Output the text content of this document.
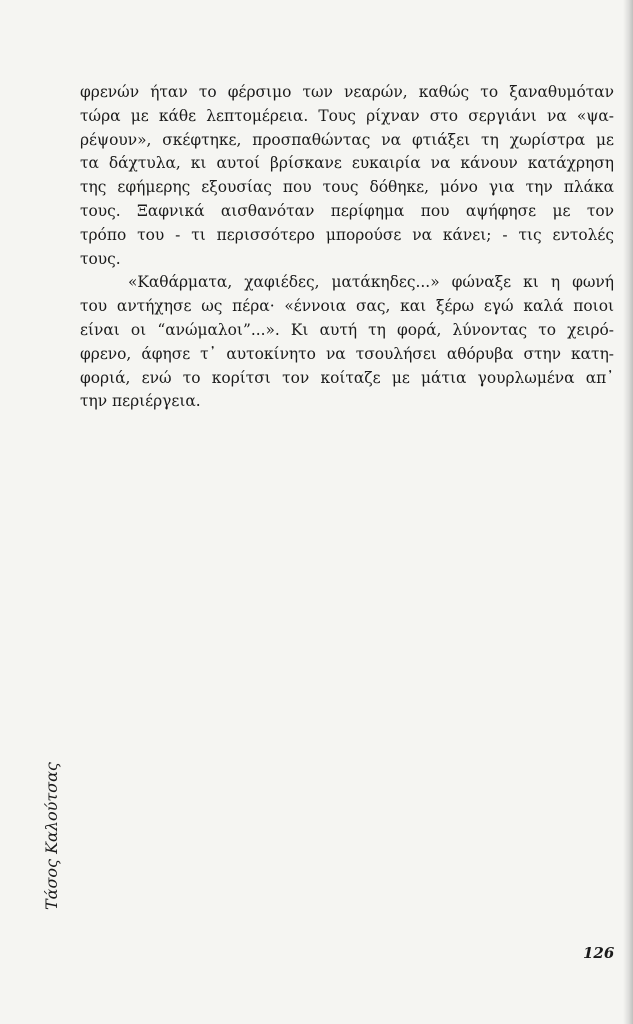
φρενών ήταν το φέρσιμο των νεαρών, καθώς το ξαναθυμόταν
τώρα με κάθε λεπτομέρεια. Τους ρίχναν στο σεργιάνι να «ψα-
ρέψουν», σκέφτηκε, προσπαθώντας να φτιάξει τη χωρίστρα με
τα δάχτυλα, κι αυτοί βρίσκανε ευκαιρία να κάνουν κατάχρηση
της εφήμερης εξουσίας που τους δόθηκε, μόνο για την πλάκα
τους. Ξαφνικά αισθανόταν περίφημα που αψήφησε με τον
τρόπο του - τι περισσότερο μπορούσε να κάνει; - τις εντολές
τους.

«Καθάρματα, χαφιέδες, ματάκηδες...» φώναξε κι η φωνή
του αντήχησε ως πέρα· «έννοια σας, και ξέρω εγώ καλά ποιοι
είναι οι “ανώμαλοι”...». Κι αυτή τη φορά, λύνοντας το χειρό-
φρενο, άφησε τ᾽ αυτοκίνητο να τσουλήσει αθόρυβα στην κατη-
φοριά, ενώ το κορίτσι τον κοίταζε με μάτια γουρλωμένα απ᾽
την περιέργεια.

Τάσος Καλούτσας
126
